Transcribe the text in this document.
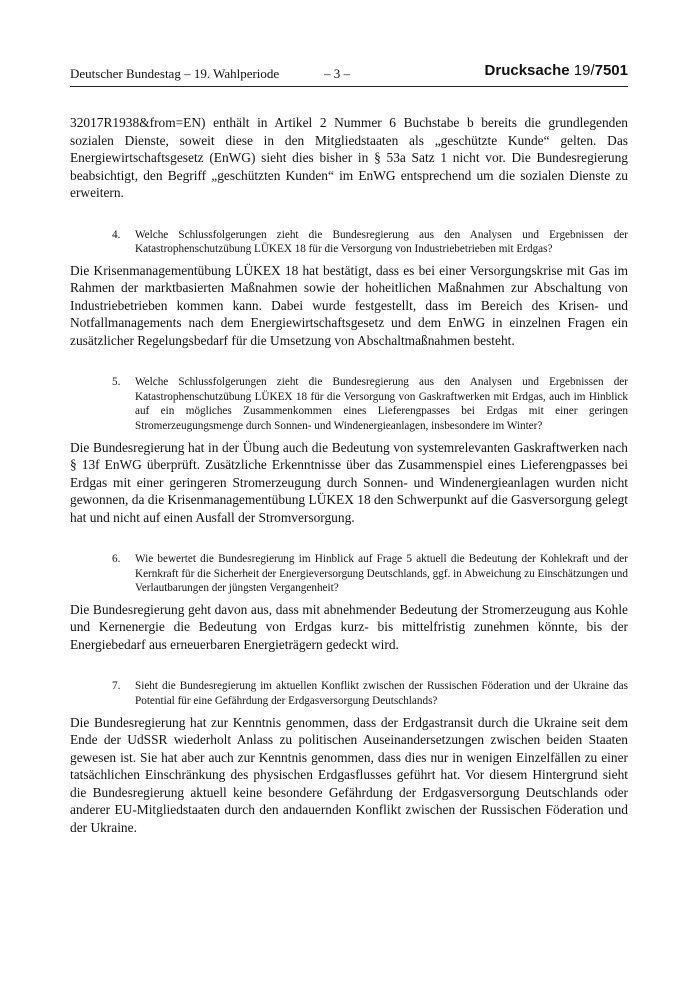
Deutscher Bundestag – 19. Wahlperiode	– 3 –	Drucksache 19/7501

32017R1938&from=EN) enthält in Artikel 2 Nummer 6 Buchstabe b bereits die grundlegenden sozialen Dienste, soweit diese in den Mitgliedstaaten als „geschützte Kunde“ gelten. Das Energiewirtschaftsgesetz (EnWG) sieht dies bisher in § 53a Satz 1 nicht vor. Die Bundesregierung beabsichtigt, den Begriff „geschützten Kunden“ im EnWG entsprechend um die sozialen Dienste zu erweitern.

4.	Welche Schlussfolgerungen zieht die Bundesregierung aus den Analysen und Ergebnissen der Katastrophenschutzübung LÜKEX 18 für die Versorgung von Industriebetrieben mit Erdgas?

Die Krisenmanagementübung LÜKEX 18 hat bestätigt, dass es bei einer Versorgungskrise mit Gas im Rahmen der marktbasierten Maßnahmen sowie der hoheitlichen Maßnahmen zur Abschaltung von Industriebetrieben kommen kann. Dabei wurde festgestellt, dass im Bereich des Krisen- und Notfallmanagements nach dem Energiewirtschaftsgesetz und dem EnWG in einzelnen Fragen ein zusätzlicher Regelungsbedarf für die Umsetzung von Abschaltmaßnahmen besteht.

5.	Welche Schlussfolgerungen zieht die Bundesregierung aus den Analysen und Ergebnissen der Katastrophenschutzübung LÜKEX 18 für die Versorgung von Gaskraftwerken mit Erdgas, auch im Hinblick auf ein mögliches Zusammenkommen eines Lieferengpasses bei Erdgas mit einer geringen Stromerzeugungsmenge durch Sonnen- und Windenergieanlagen, insbesondere im Winter?

Die Bundesregierung hat in der Übung auch die Bedeutung von systemrelevanten Gaskraftwerken nach § 13f EnWG überprüft. Zusätzliche Erkenntnisse über das Zusammenspiel eines Lieferengpasses bei Erdgas mit einer geringeren Stromerzeugung durch Sonnen- und Windenergieanlagen wurden nicht gewonnen, da die Krisenmanagementübung LÜKEX 18 den Schwerpunkt auf die Gasversorgung gelegt hat und nicht auf einen Ausfall der Stromversorgung.

6.	Wie bewertet die Bundesregierung im Hinblick auf Frage 5 aktuell die Bedeutung der Kohlekraft und der Kernkraft für die Sicherheit der Energieversorgung Deutschlands, ggf. in Abweichung zu Einschätzungen und Verlautbarungen der jüngsten Vergangenheit?

Die Bundesregierung geht davon aus, dass mit abnehmender Bedeutung der Stromerzeugung aus Kohle und Kernenergie die Bedeutung von Erdgas kurz- bis mittelfristig zunehmen könnte, bis der Energiebedarf aus erneuerbaren Energieträgern gedeckt wird.

7.	Sieht die Bundesregierung im aktuellen Konflikt zwischen der Russischen Föderation und der Ukraine das Potential für eine Gefährdung der Erdgasversorgung Deutschlands?

Die Bundesregierung hat zur Kenntnis genommen, dass der Erdgastransit durch die Ukraine seit dem Ende der UdSSR wiederholt Anlass zu politischen Auseinandersetzungen zwischen beiden Staaten gewesen ist. Sie hat aber auch zur Kenntnis genommen, dass dies nur in wenigen Einzelfällen zu einer tatsächlichen Einschränkung des physischen Erdgasflusses geführt hat. Vor diesem Hintergrund sieht die Bundesregierung aktuell keine besondere Gefährdung der Erdgasversorgung Deutschlands oder anderer EU-Mitgliedstaaten durch den andauernden Konflikt zwischen der Russischen Föderation und der Ukraine.
